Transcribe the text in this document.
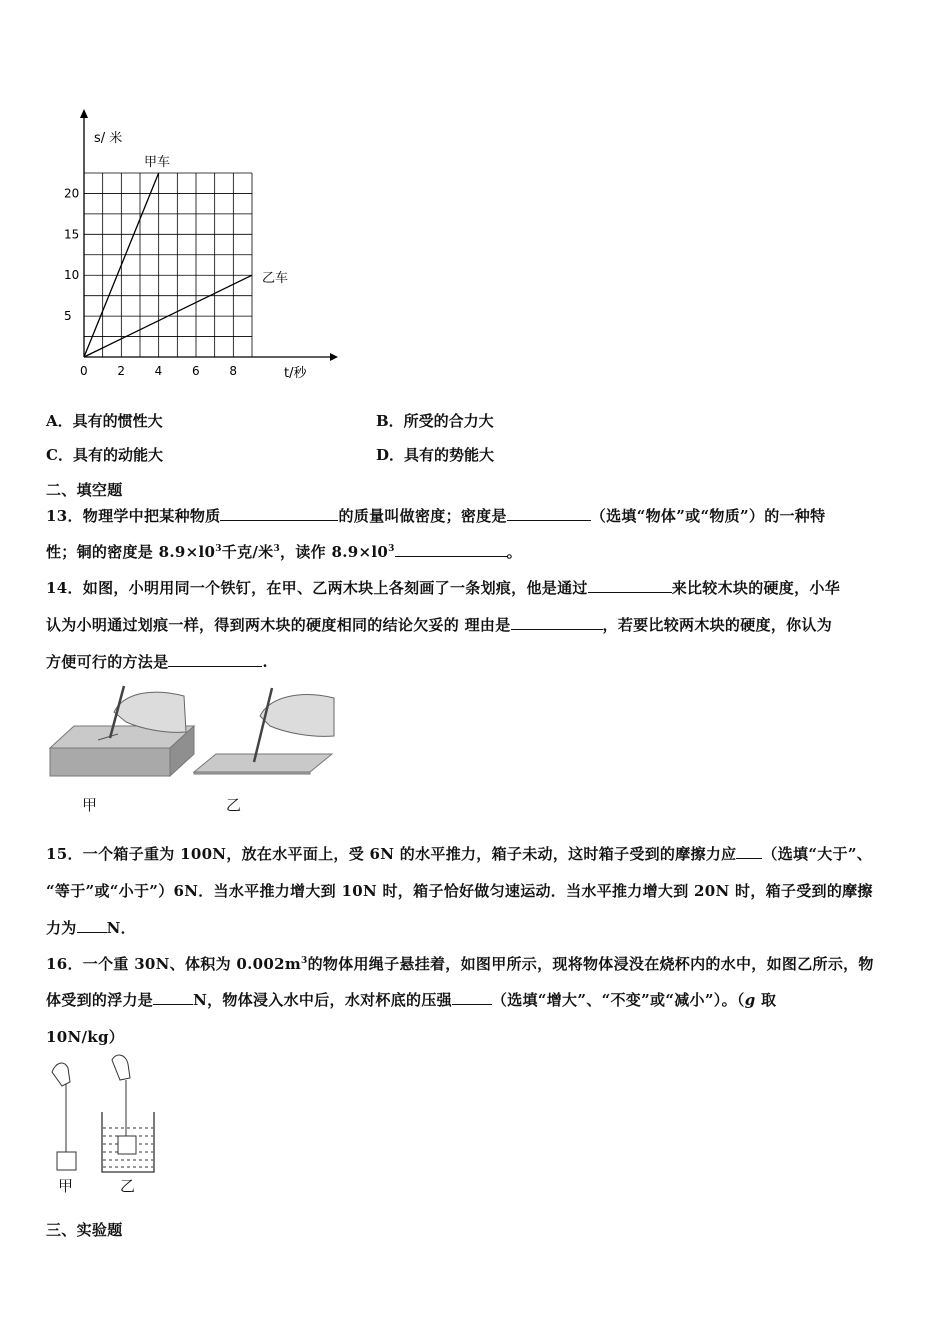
0 2 4 6 8
5
10
15
20
s/ 米
t/秒
甲车
乙车
A．具有的惯性大	B．所受的合力大
C．具有的动能大	D．具有的势能大
二、填空题
13．物理学中把某种物质	的质量叫做密度；密度是	（选填“物体”或“物质”）的一种特
性；铜的密度是 $8.9\times l0^3$千克/米$^3$，读作 $8.9\times l0^3$	。
14．如图，小明用同一个铁钉，在甲、乙两木块上各刻画了一条划痕，他是通过	来比较木块的硬度，小华
认为小明通过划痕一样，得到两木块的硬度相同的结论欠妥的 理由是	，若要比较两木块的硬度，你认为
方便可行的方法是	.
甲	乙
15．一个箱子重为 100N，放在水平面上，受 6N 的水平推力，箱子未动，这时箱子受到的摩擦力应 （选填“大于”、
“等于”或“小于”）6N．当水平推力增大到 10N 时，箱子恰好做匀速运动．当水平推力增大到 20N 时，箱子受到的摩擦
力为 N．
16．一个重 30N、体积为 $0.002m^3$的物体用绳子悬挂着，如图甲所示，现将物体浸没在烧杯内的水中，如图乙所示，物
体受到的浮力是	N，物体浸入水中后，水对杯底的压强	（选填“增大”、“不变”或“减小”）。（g 取
10N/kg）
甲	乙
三、实验题
